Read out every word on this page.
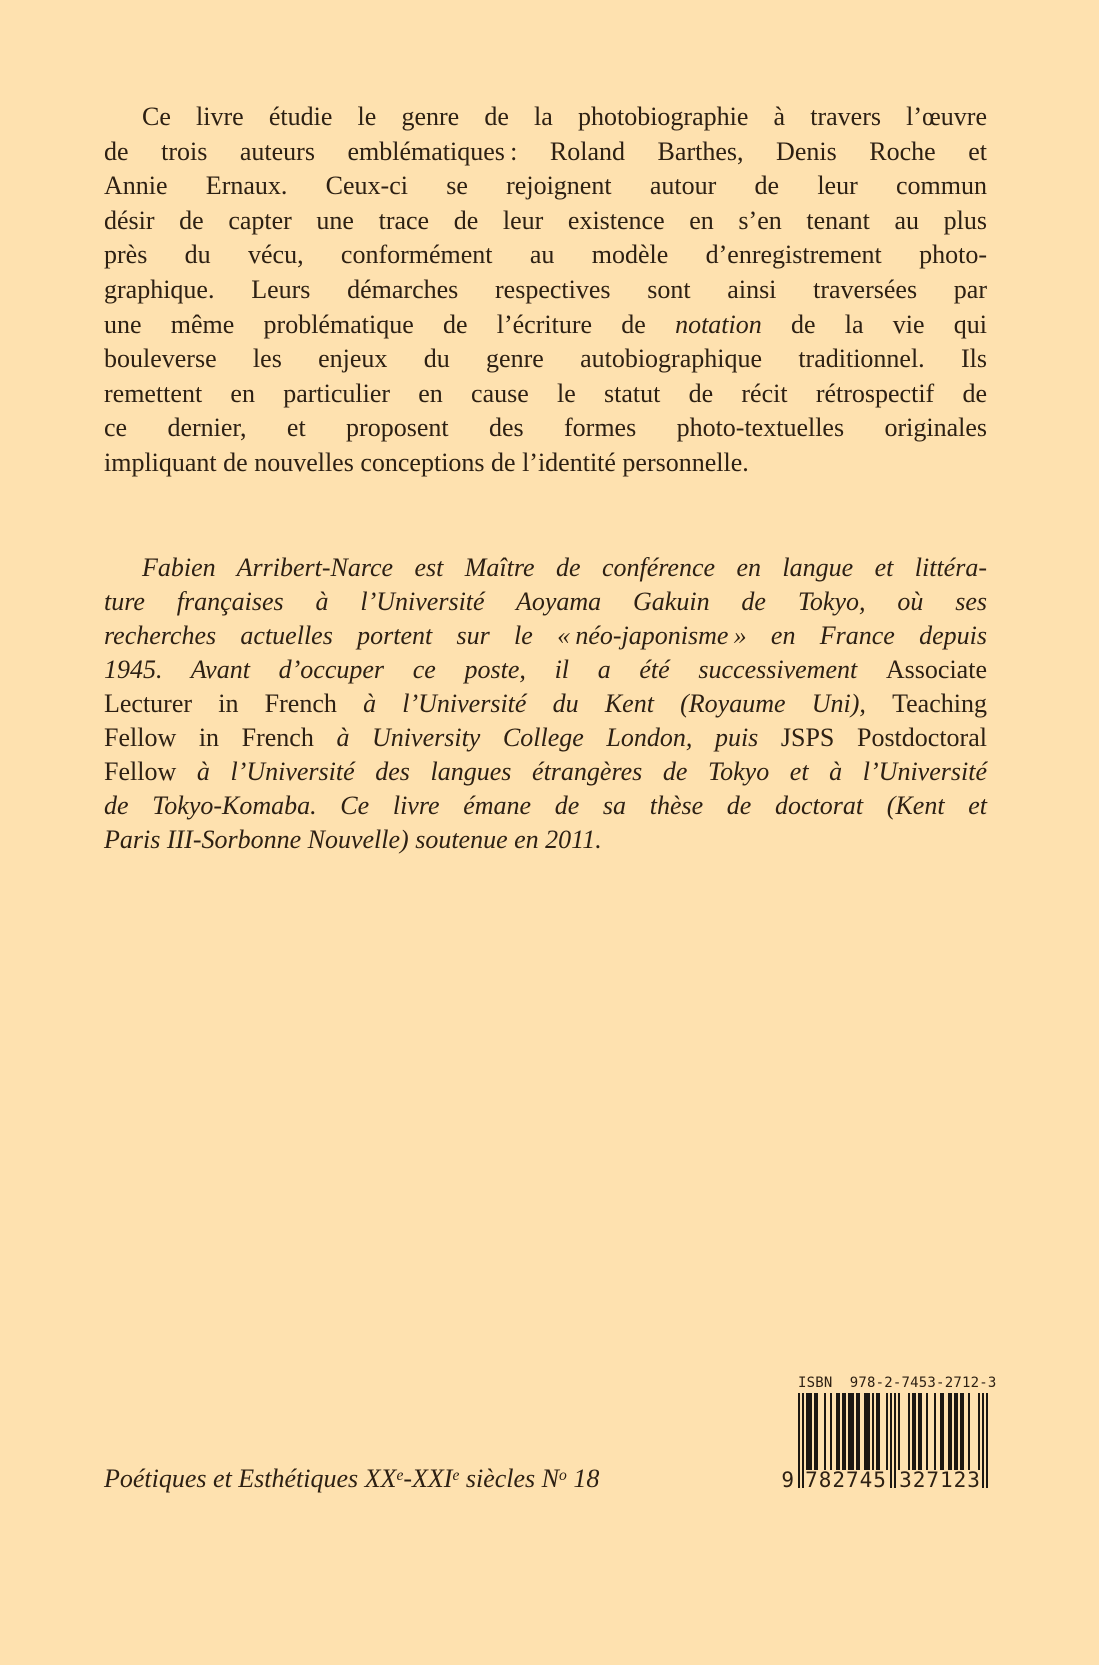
Ce livre étudie le genre de la photobiographie à travers l’œuvre
de trois auteurs emblématiques : Roland Barthes, Denis Roche et
Annie Ernaux. Ceux-ci se rejoignent autour de leur commun
désir de capter une trace de leur existence en s’en tenant au plus
près du vécu, conformément au modèle d’enregistrement photo-
graphique. Leurs démarches respectives sont ainsi traversées par
une même problématique de l’écriture de notation de la vie qui
bouleverse les enjeux du genre autobiographique traditionnel. Ils
remettent en particulier en cause le statut de récit rétrospectif de
ce dernier, et proposent des formes photo-textuelles originales
impliquant de nouvelles conceptions de l’identité personnelle.
Fabien Arribert-Narce est Maître de conférence en langue et littéra-
ture françaises à l’Université Aoyama Gakuin de Tokyo, où ses
recherches actuelles portent sur le « néo-japonisme » en France depuis
1945. Avant d’occuper ce poste, il a été successivement Associate
Lecturer in French à l’Université du Kent (Royaume Uni), Teaching
Fellow in French à University College London, puis JSPS Postdoctoral
Fellow à l’Université des langues étrangères de Tokyo et à l’Université
de Tokyo-Komaba. Ce livre émane de sa thèse de doctorat (Kent et
Paris III-Sorbonne Nouvelle) soutenue en 2011.
Poétiques et Esthétiques XXe-XXIe siècles $N^o$ 18
ISBN  978-2-7453-2712-3
9 782745 327123
